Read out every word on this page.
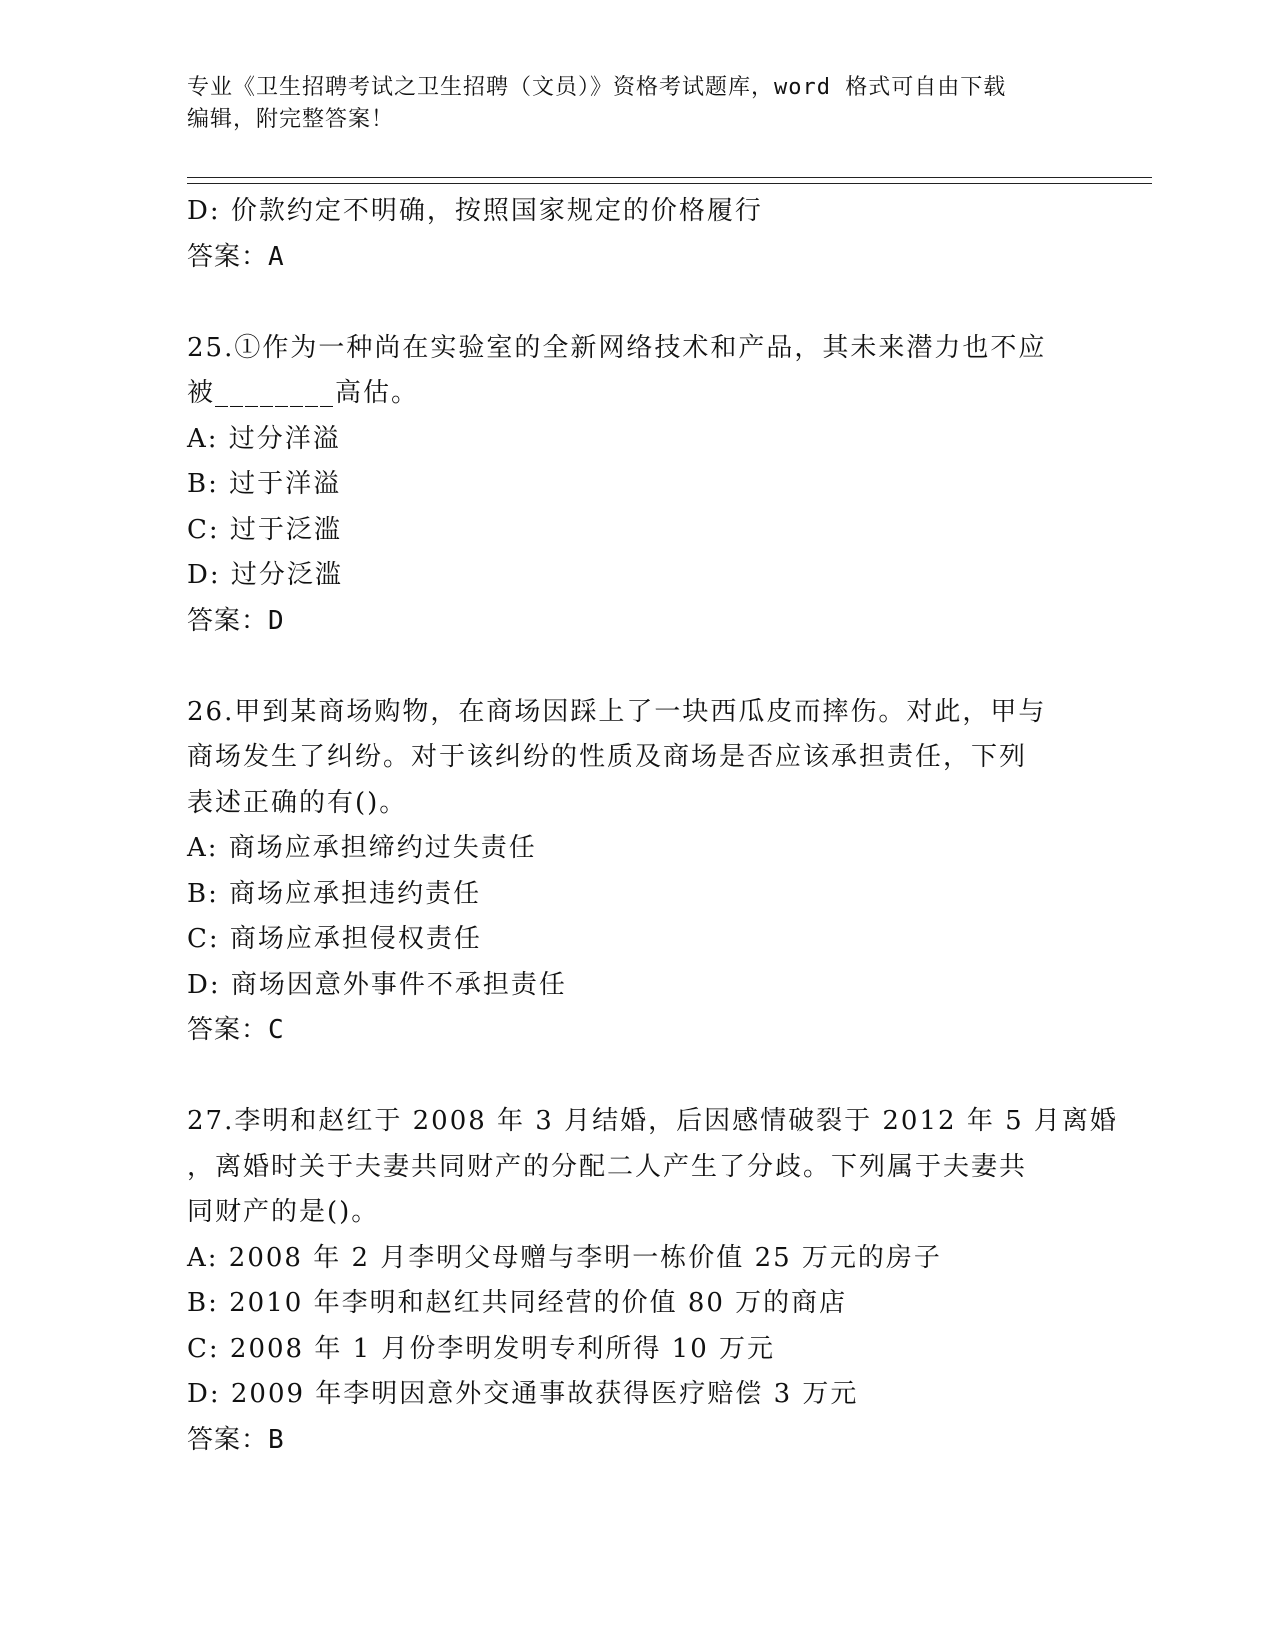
专业《卫生招聘考试之卫生招聘（文员）》资格考试题库，word 格式可自由下载
编辑，附完整答案！
D: 价款约定不明确，按照国家规定的价格履行
答案：A
25.①作为一种尚在实验室的全新网络技术和产品，其未来潜力也不应
被________高估。
A: 过分洋溢
B: 过于洋溢
C: 过于泛滥
D: 过分泛滥
答案：D
26.甲到某商场购物，在商场因踩上了一块西瓜皮而摔伤。对此，甲与
商场发生了纠纷。对于该纠纷的性质及商场是否应该承担责任，下列
表述正确的有()。
A: 商场应承担缔约过失责任
B: 商场应承担违约责任
C: 商场应承担侵权责任
D: 商场因意外事件不承担责任
答案：C
27.李明和赵红于 2008 年 3 月结婚，后因感情破裂于 2012 年 5 月离婚
，离婚时关于夫妻共同财产的分配二人产生了分歧。下列属于夫妻共
同财产的是()。
A: 2008 年 2 月李明父母赠与李明一栋价值 25 万元的房子
B: 2010 年李明和赵红共同经营的价值 80 万的商店
C: 2008 年 1 月份李明发明专利所得 10 万元
D: 2009 年李明因意外交通事故获得医疗赔偿 3 万元
答案：B
